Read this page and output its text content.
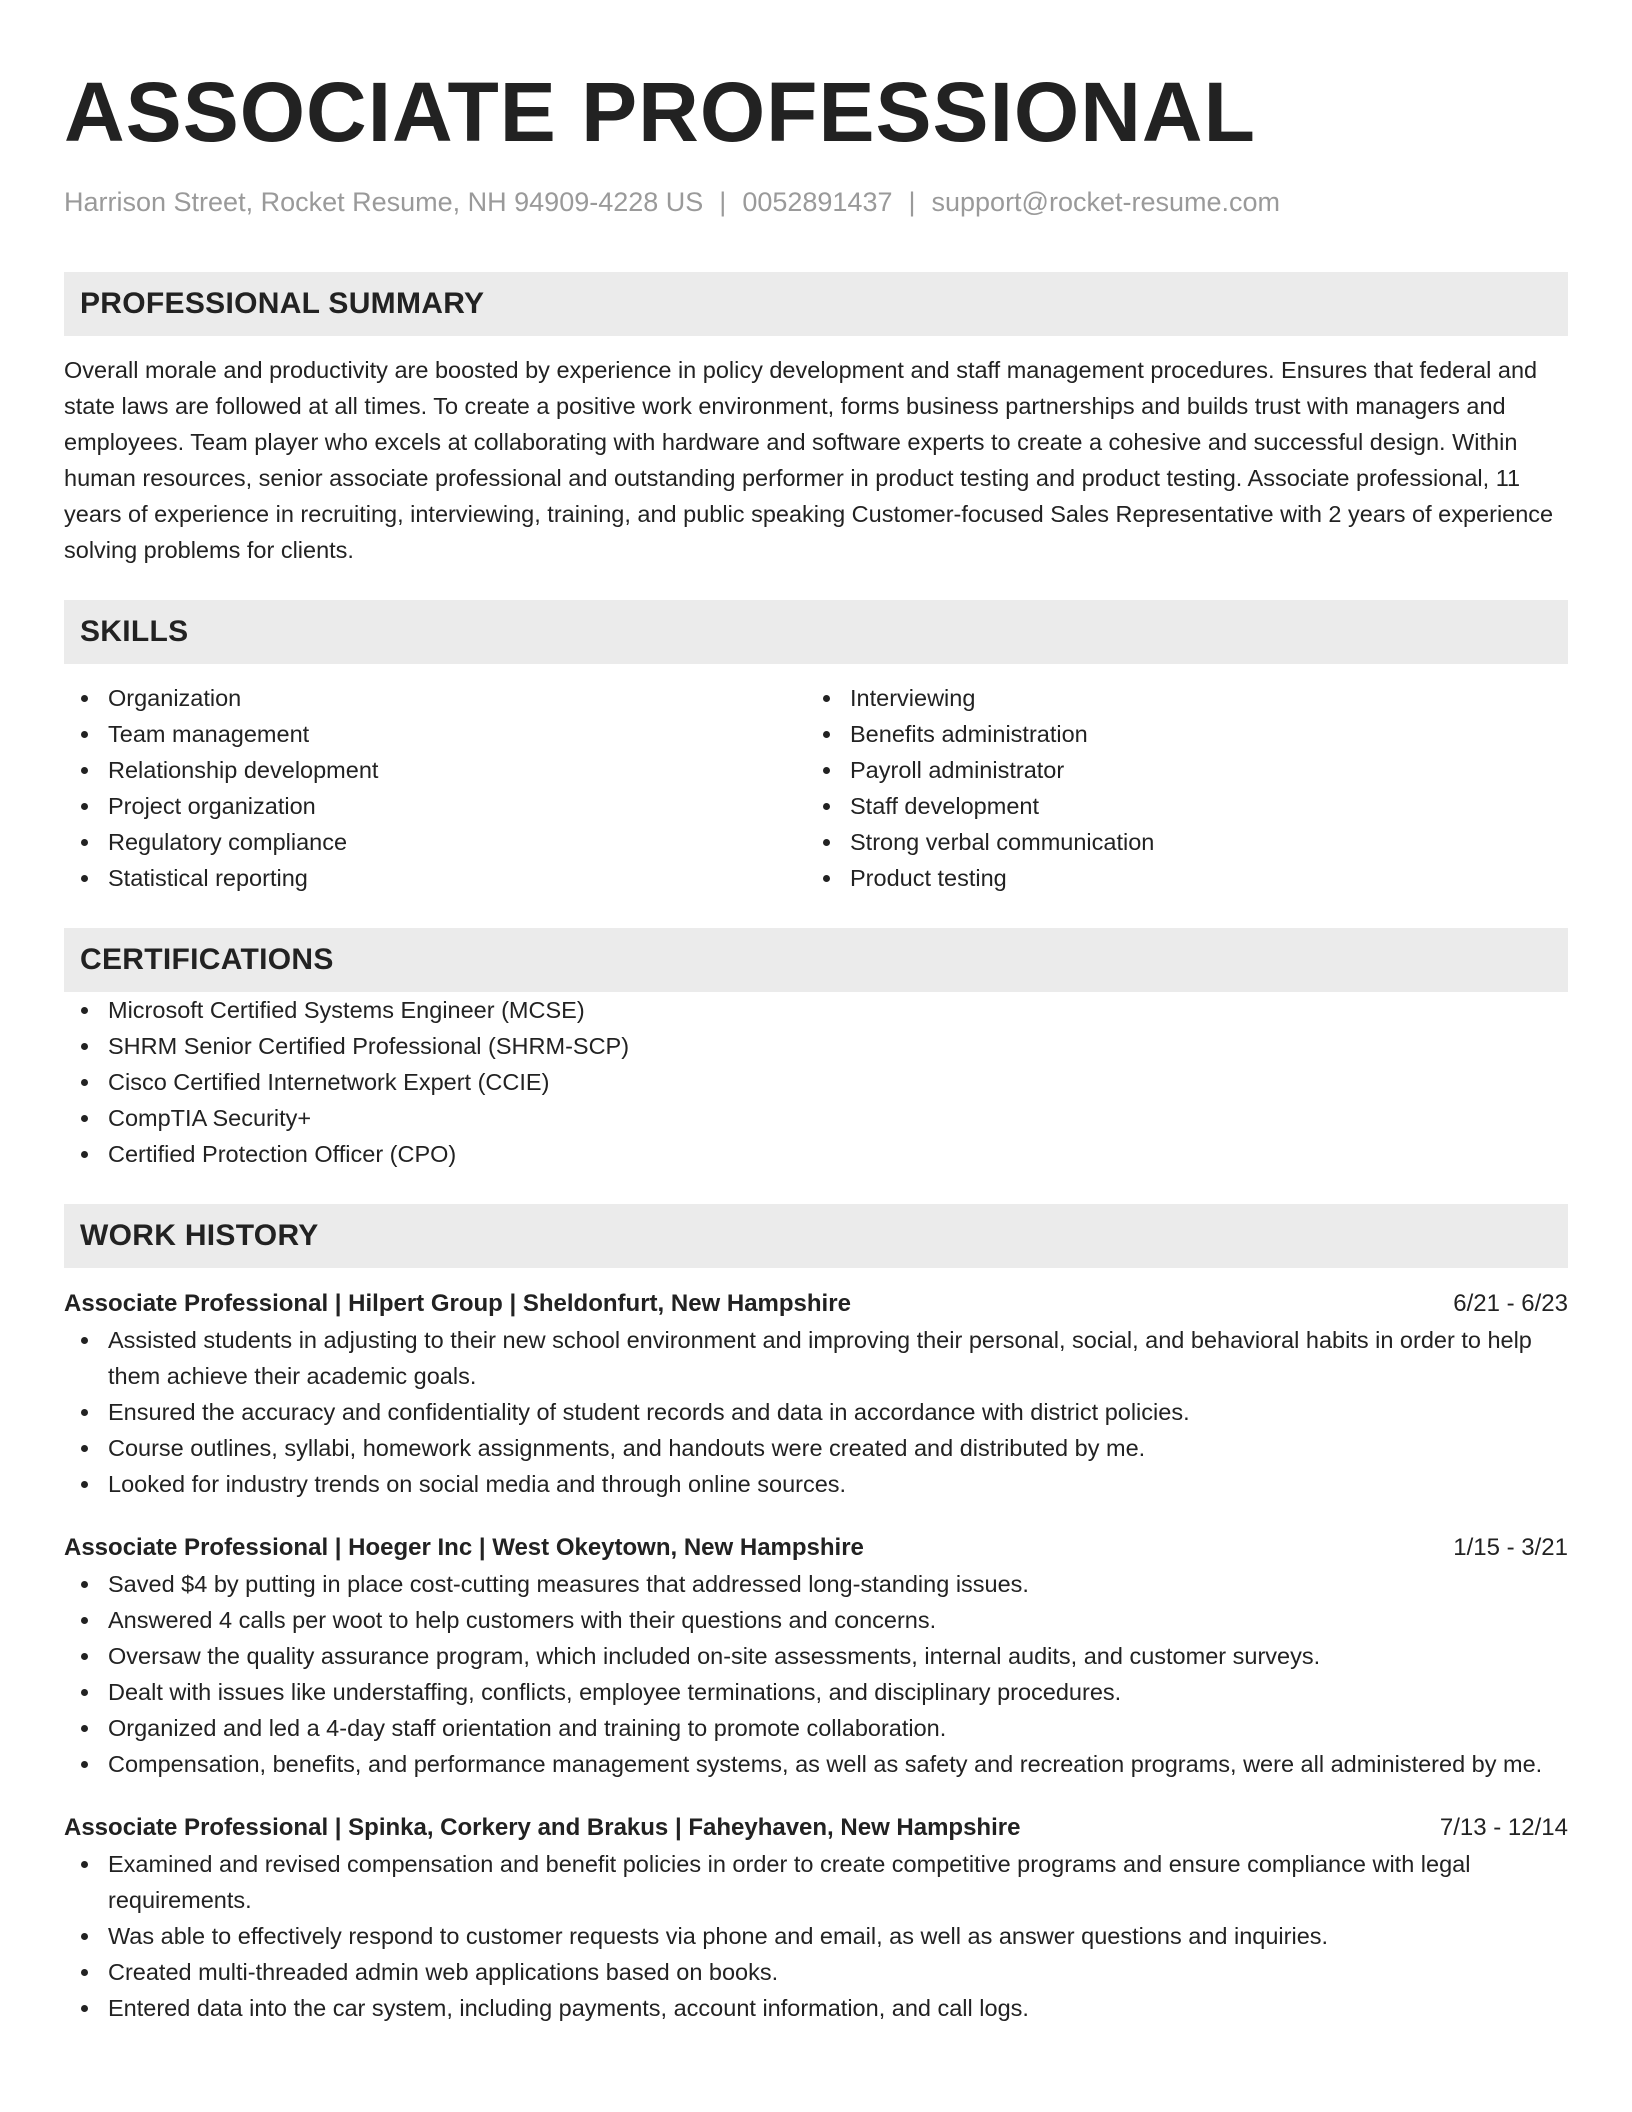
ASSOCIATE PROFESSIONAL
Harrison Street, Rocket Resume, NH 94909-4228 US | 0052891437 | support@rocket-resume.com
PROFESSIONAL SUMMARY
Overall morale and productivity are boosted by experience in policy development and staff management procedures. Ensures that federal and state laws are followed at all times. To create a positive work environment, forms business partnerships and builds trust with managers and employees. Team player who excels at collaborating with hardware and software experts to create a cohesive and successful design. Within human resources, senior associate professional and outstanding performer in product testing and product testing. Associate professional, 11 years of experience in recruiting, interviewing, training, and public speaking Customer-focused Sales Representative with 2 years of experience solving problems for clients.
SKILLS
Organization
Team management
Relationship development
Project organization
Regulatory compliance
Statistical reporting
Interviewing
Benefits administration
Payroll administrator
Staff development
Strong verbal communication
Product testing
CERTIFICATIONS
Microsoft Certified Systems Engineer (MCSE)
SHRM Senior Certified Professional (SHRM-SCP)
Cisco Certified Internetwork Expert (CCIE)
CompTIA Security+
Certified Protection Officer (CPO)
WORK HISTORY
Associate Professional | Hilpert Group | Sheldonfurt, New Hampshire	6/21 - 6/23
Assisted students in adjusting to their new school environment and improving their personal, social, and behavioral habits in order to help them achieve their academic goals.
Ensured the accuracy and confidentiality of student records and data in accordance with district policies.
Course outlines, syllabi, homework assignments, and handouts were created and distributed by me.
Looked for industry trends on social media and through online sources.
Associate Professional | Hoeger Inc | West Okeytown, New Hampshire	1/15 - 3/21
Saved $4 by putting in place cost-cutting measures that addressed long-standing issues.
Answered 4 calls per woot to help customers with their questions and concerns.
Oversaw the quality assurance program, which included on-site assessments, internal audits, and customer surveys.
Dealt with issues like understaffing, conflicts, employee terminations, and disciplinary procedures.
Organized and led a 4-day staff orientation and training to promote collaboration.
Compensation, benefits, and performance management systems, as well as safety and recreation programs, were all administered by me.
Associate Professional | Spinka, Corkery and Brakus | Faheyhaven, New Hampshire	7/13 - 12/14
Examined and revised compensation and benefit policies in order to create competitive programs and ensure compliance with legal requirements.
Was able to effectively respond to customer requests via phone and email, as well as answer questions and inquiries.
Created multi-threaded admin web applications based on books.
Entered data into the car system, including payments, account information, and call logs.
